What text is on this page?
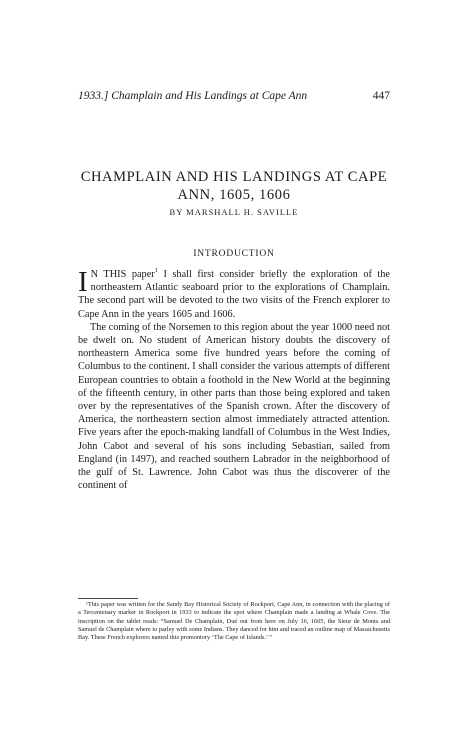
1933.] Champlain and His Landings at Cape Ann	447
CHAMPLAIN AND HIS LANDINGS AT CAPE ANN, 1605, 1606
BY MARSHALL H. SAVILLE
INTRODUCTION

I N THIS paper$^1$ I shall first consider briefly the exploration of the northeastern Atlantic seaboard prior to the explorations of Champlain. The second part will be devoted to the two visits of the French explorer to Cape Ann in the years 1605 and 1606.

The coming of the Norsemen to this region about the year 1000 need not be dwelt on. No student of American history doubts the discovery of northeastern America some five hundred years before the coming of Columbus to the continent. I shall consider the various attempts of different European countries to obtain a foothold in the New World at the beginning of the fifteenth century, in other parts than those being explored and taken over by the representatives of the Spanish crown. After the discovery of America, the northeastern section almost immediately attracted attention. Five years after the epoch-making landfall of Columbus in the West Indies, John Cabot and several of his sons including Sebastian, sailed from England (in 1497), and reached southern Labrador in the neighborhood of the gulf of St. Lawrence. John Cabot was thus the discoverer of the continent of

¹This paper was written for the Sandy Bay Historical Society of Rockport, Cape Ann, in connection with the placing of a Tercentenary marker in Rockport in 1933 to indicate the spot where Champlain made a landing at Whale Cove. The inscription on the tablet reads: “Samuel De Champlain, Dué out from here on July 16, 1605, the Sieur de Monts and Samuel de Champlain where to parley with some Indians. They danced for him and traced an outline map of Massachusetts Bay. These French explorers named this promontory ‘The Cape of Islands.’ ”
